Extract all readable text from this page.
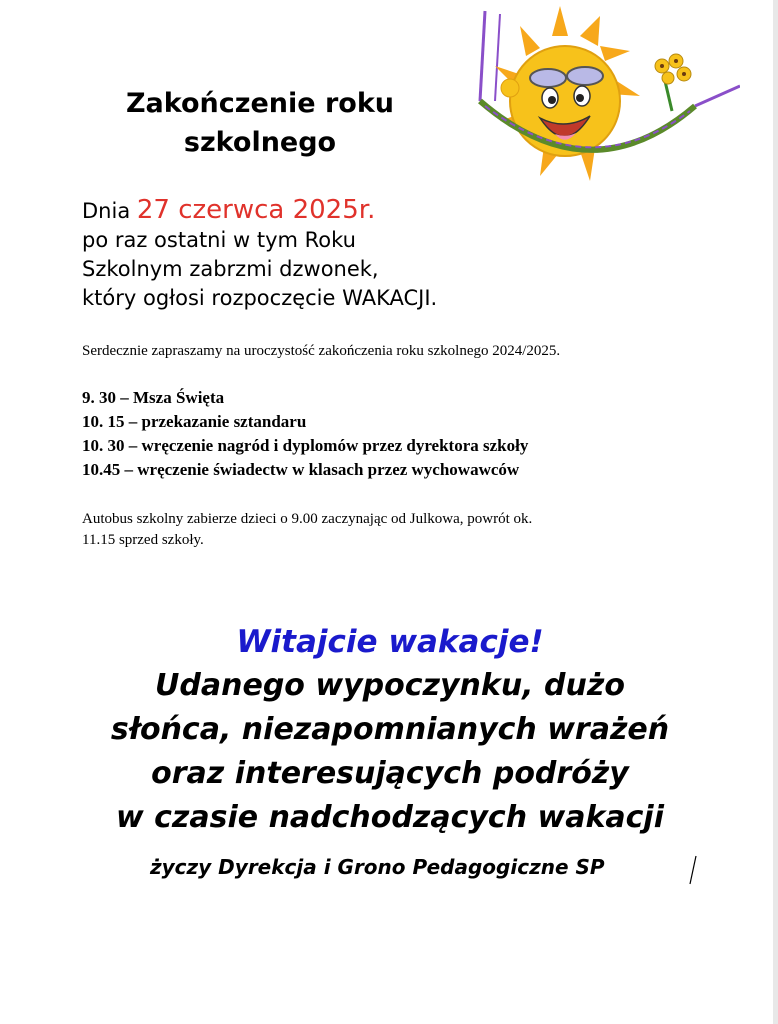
Zakończenie roku
szkolnego
Dnia 27 czerwca 2025r.
po raz ostatni w tym Roku
Szkolnym zabrzmi dzwonek,
który ogłosi rozpoczęcie WAKACJI.
Serdecznie zapraszamy na uroczystość zakończenia roku szkolnego 2024/2025.
9. 30 – Msza Święta
10. 15 – przekazanie sztandaru
10. 30 – wręczenie nagród i dyplomów przez dyrektora szkoły
10.45 – wręczenie świadectw w klasach przez wychowawców

Autobus szkolny zabierze dzieci o 9.00 zaczynając od Julkowa, powrót ok.
11.15 sprzed szkoły.

Witajcie wakacje!
Udanego wypoczynku, dużo
słońca, niezapomnianych wrażeń
oraz interesujących podróży
w czasie nadchodzących wakacji
życzy Dyrekcja i Grono Pedagogiczne SP
